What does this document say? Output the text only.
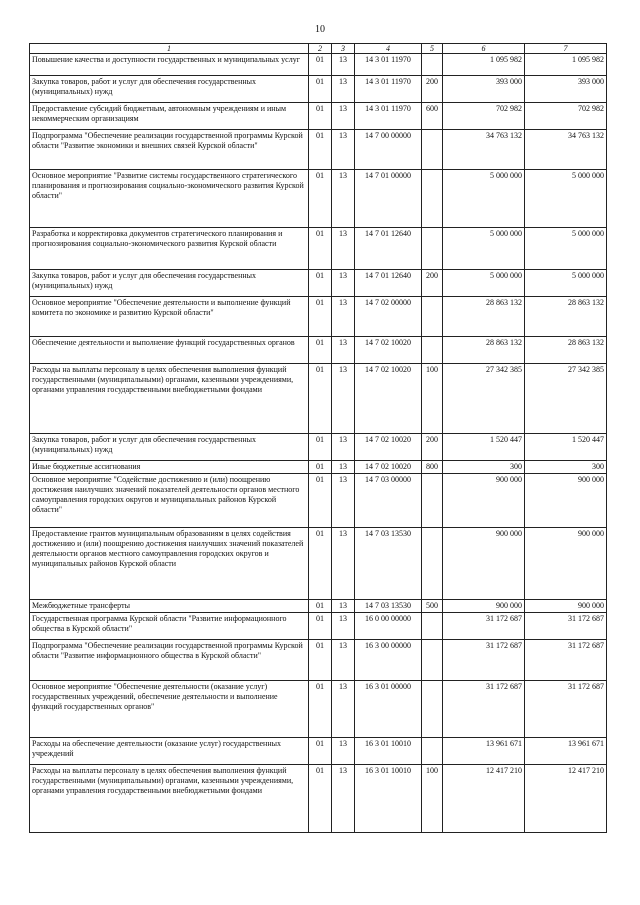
10
1	2	3	4	5	6	7
Повышение качества и доступности государственных и муниципальных услуг	01	13	14 3 01 11970		1 095 982	1 095 982
Закупка товаров, работ и услуг для обеспечения государственных (муниципальных) нужд	01	13	14 3 01 11970	200	393 000	393 000
Предоставление субсидий бюджетным, автономным учреждениям и иным некоммерческим организациям	01	13	14 3 01 11970	600	702 982	702 982
Подпрограмма "Обеспечение реализации государственной программы Курской области "Развитие экономики и внешних связей Курской области"	01	13	14 7 00 00000		34 763 132	34 763 132
Основное мероприятие "Развитие системы государственного стратегического планирования и прогнозирования социально-экономического развития Курской области"	01	13	14 7 01 00000		5 000 000	5 000 000
Разработка и корректировка документов стратегического планирования и прогнозирования социально-экономического развития Курской области	01	13	14 7 01 12640		5 000 000	5 000 000
Закупка товаров, работ и услуг для обеспечения государственных (муниципальных) нужд	01	13	14 7 01 12640	200	5 000 000	5 000 000
Основное мероприятие "Обеспечение деятельности и выполнение функций комитета по экономике и развитию Курской области"	01	13	14 7 02 00000		28 863 132	28 863 132
Обеспечение деятельности и выполнение функций государственных органов	01	13	14 7 02 10020		28 863 132	28 863 132
Расходы на выплаты персоналу в целях обеспечения выполнения функций государственными (муниципальными) органами, казенными учреждениями, органами управления государственными внебюджетными фондами	01	13	14 7 02 10020	100	27 342 385	27 342 385
Закупка товаров, работ и услуг для обеспечения государственных (муниципальных) нужд	01	13	14 7 02 10020	200	1 520 447	1 520 447
Иные бюджетные ассигнования	01	13	14 7 02 10020	800	300	300
Основное мероприятие "Содействие достижению и (или) поощрению достижения наилучших значений показателей деятельности органов местного самоуправления городских округов и муниципальных районов Курской области"	01	13	14 7 03 00000		900 000	900 000
Предоставление грантов муниципальным образованиям в целях содействия достижению и (или) поощрению достижения наилучших значений показателей деятельности органов местного самоуправления городских округов и муниципальных районов Курской области	01	13	14 7 03 13530		900 000	900 000
Межбюджетные трансферты	01	13	14 7 03 13530	500	900 000	900 000
Государственная программа Курской области "Развитие информационного общества в Курской области"	01	13	16 0 00 00000		31 172 687	31 172 687
Подпрограмма "Обеспечение реализации государственной программы Курской области "Развитие информационного общества в Курской области"	01	13	16 3 00 00000		31 172 687	31 172 687
Основное мероприятие "Обеспечение деятельности (оказание услуг) государственных учреждений, обеспечение деятельности и выполнение функций государственных органов"	01	13	16 3 01 00000		31 172 687	31 172 687
Расходы на обеспечение деятельности (оказание услуг) государственных учреждений	01	13	16 3 01 10010		13 961 671	13 961 671
Расходы на выплаты персоналу в целях обеспечения выполнения функций государственными (муниципальными) органами, казенными учреждениями, органами управления государственными внебюджетными фондами	01	13	16 3 01 10010	100	12 417 210	12 417 210
